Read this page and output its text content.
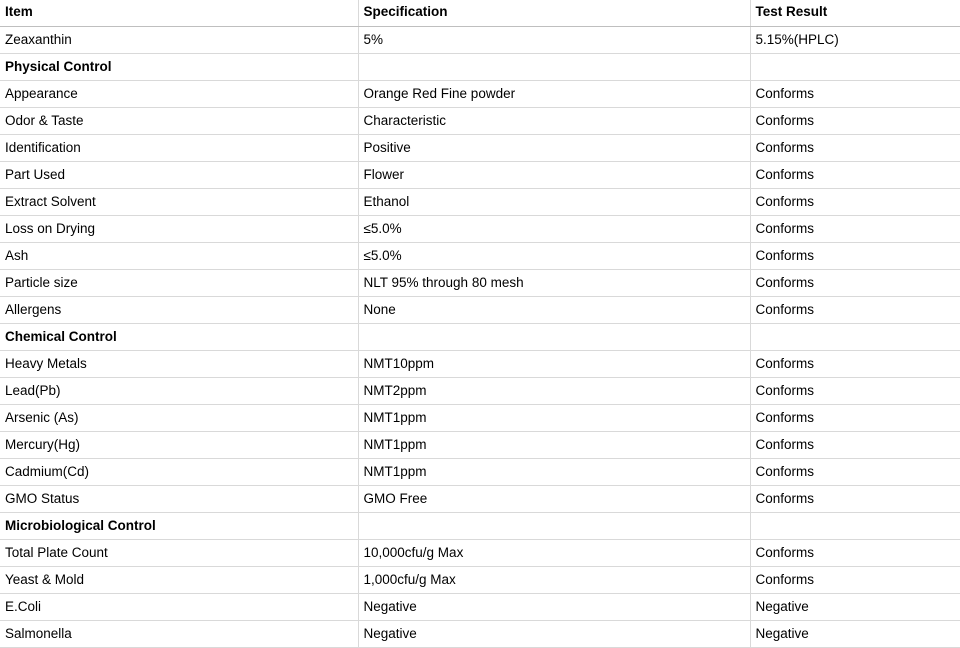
Item	Specification	Test Result
Zeaxanthin	5%	5.15%(HPLC)
Physical Control		
Appearance	Orange Red Fine powder	Conforms
Odor & Taste	Characteristic	Conforms
Identification	Positive	Conforms
Part Used	Flower	Conforms
Extract Solvent	Ethanol	Conforms
Loss on Drying	≤5.0%	Conforms
Ash	≤5.0%	Conforms
Particle size	NLT 95% through 80 mesh	Conforms
Allergens	None	Conforms
Chemical Control		
Heavy Metals	NMT10ppm	Conforms
Lead(Pb)	NMT2ppm	Conforms
Arsenic (As)	NMT1ppm	Conforms
Mercury(Hg)	NMT1ppm	Conforms
Cadmium(Cd)	NMT1ppm	Conforms
GMO Status	GMO Free	Conforms
Microbiological Control		
Total Plate Count	10,000cfu/g Max	Conforms
Yeast & Mold	1,000cfu/g Max	Conforms
E.Coli	Negative	Negative
Salmonella	Negative	Negative
